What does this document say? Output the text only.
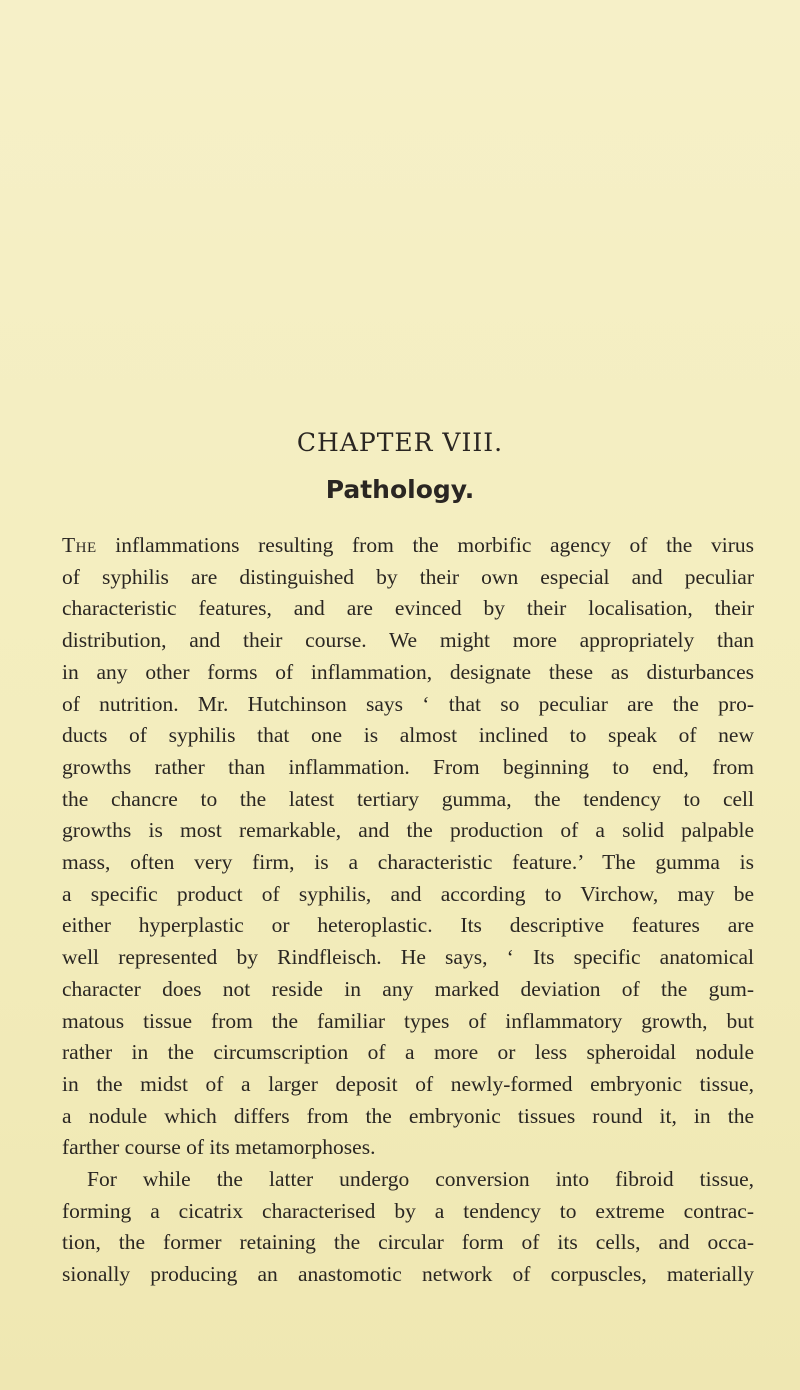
CHAPTER VIII.
Pathology.
The inflammations resulting from the morbific agency of the virus
of syphilis are distinguished by their own especial and peculiar
characteristic features, and are evinced by their localisation, their
distribution, and their course. We might more appropriately than
in any other forms of inflammation, designate these as disturbances
of nutrition. Mr. Hutchinson says ‘ that so peculiar are the pro-
ducts of syphilis that one is almost inclined to speak of new
growths rather than inflammation. From beginning to end, from
the chancre to the latest tertiary gumma, the tendency to cell
growths is most remarkable, and the production of a solid palpable
mass, often very firm, is a characteristic feature.’ The gumma is
a specific product of syphilis, and according to Virchow, may be
either hyperplastic or heteroplastic. Its descriptive features are
well represented by Rindfleisch. He says, ‘ Its specific anatomical
character does not reside in any marked deviation of the gum-
matous tissue from the familiar types of inflammatory growth, but
rather in the circumscription of a more or less spheroidal nodule
in the midst of a larger deposit of newly-formed embryonic tissue,
a nodule which differs from the embryonic tissues round it, in the
farther course of its metamorphoses.
For while the latter undergo conversion into fibroid tissue,
forming a cicatrix characterised by a tendency to extreme contrac-
tion, the former retaining the circular form of its cells, and occa-
sionally producing an anastomotic network of corpuscles, materially
